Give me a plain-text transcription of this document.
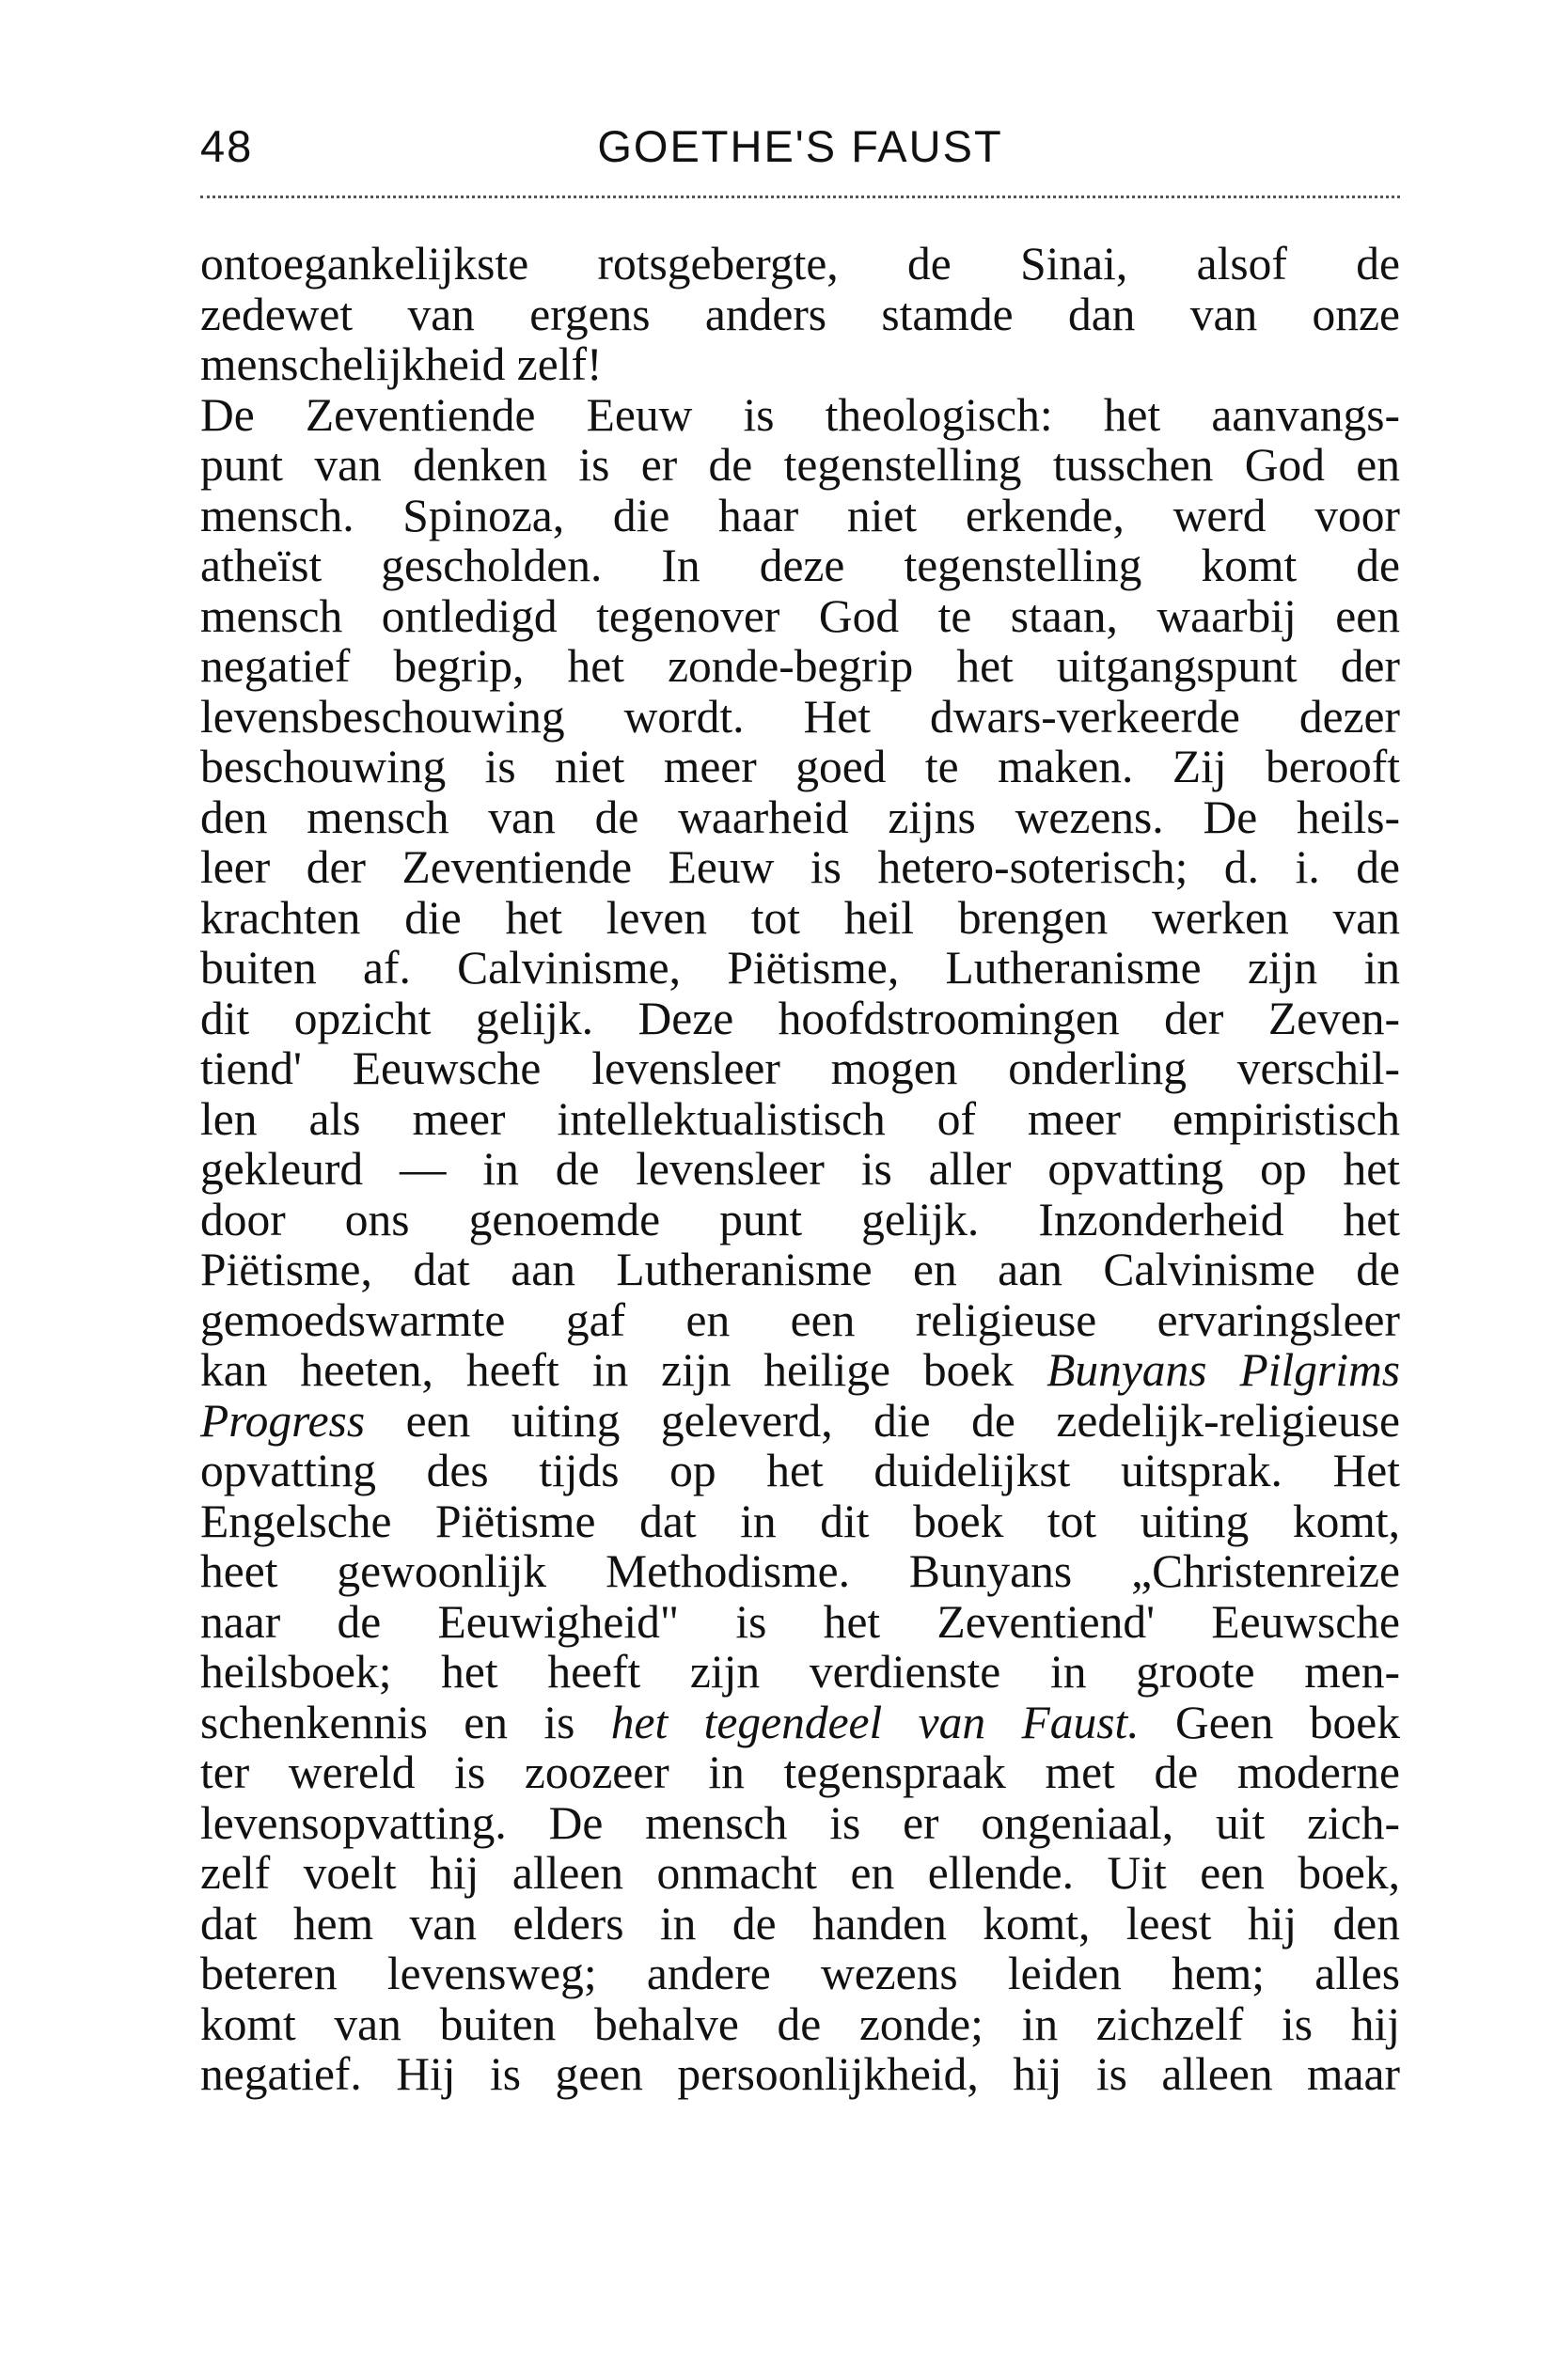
48	GOETHE'S FAUST
ontoegankelijkste rotsgebergte, de Sinai, alsof de
zedewet van ergens anders stamde dan van onze
menschelijkheid zelf!
De Zeventiende Eeuw is theologisch: het aanvangs-
punt van denken is er de tegenstelling tusschen God en
mensch. Spinoza, die haar niet erkende, werd voor
atheïst gescholden. In deze tegenstelling komt de
mensch ontledigd tegenover God te staan, waarbij een
negatief begrip, het zonde-begrip het uitgangspunt der
levensbeschouwing wordt. Het dwars-verkeerde dezer
beschouwing is niet meer goed te maken. Zij berooft
den mensch van de waarheid zijns wezens. De heils-
leer der Zeventiende Eeuw is hetero-soterisch; d. i. de
krachten die het leven tot heil brengen werken van
buiten af. Calvinisme, Piëtisme, Lutheranisme zijn in
dit opzicht gelijk. Deze hoofdstroomingen der Zeven-
tiend' Eeuwsche levensleer mogen onderling verschil-
len als meer intellektualistisch of meer empiristisch
gekleurd — in de levensleer is aller opvatting op het
door ons genoemde punt gelijk. Inzonderheid het
Piëtisme, dat aan Lutheranisme en aan Calvinisme de
gemoedswarmte gaf en een religieuse ervaringsleer
kan heeten, heeft in zijn heilige boek Bunyans Pilgrims
Progress een uiting geleverd, die de zedelijk-religieuse
opvatting des tijds op het duidelijkst uitsprak. Het
Engelsche Piëtisme dat in dit boek tot uiting komt,
heet gewoonlijk Methodisme. Bunyans „Christenreize
naar de Eeuwigheid" is het Zeventiend' Eeuwsche
heilsboek; het heeft zijn verdienste in groote men-
schenkennis en is het tegendeel van Faust. Geen boek
ter wereld is zoozeer in tegenspraak met de moderne
levensopvatting. De mensch is er ongeniaal, uit zich-
zelf voelt hij alleen onmacht en ellende. Uit een boek,
dat hem van elders in de handen komt, leest hij den
beteren levensweg; andere wezens leiden hem; alles
komt van buiten behalve de zonde; in zichzelf is hij
negatief. Hij is geen persoonlijkheid, hij is alleen maar
